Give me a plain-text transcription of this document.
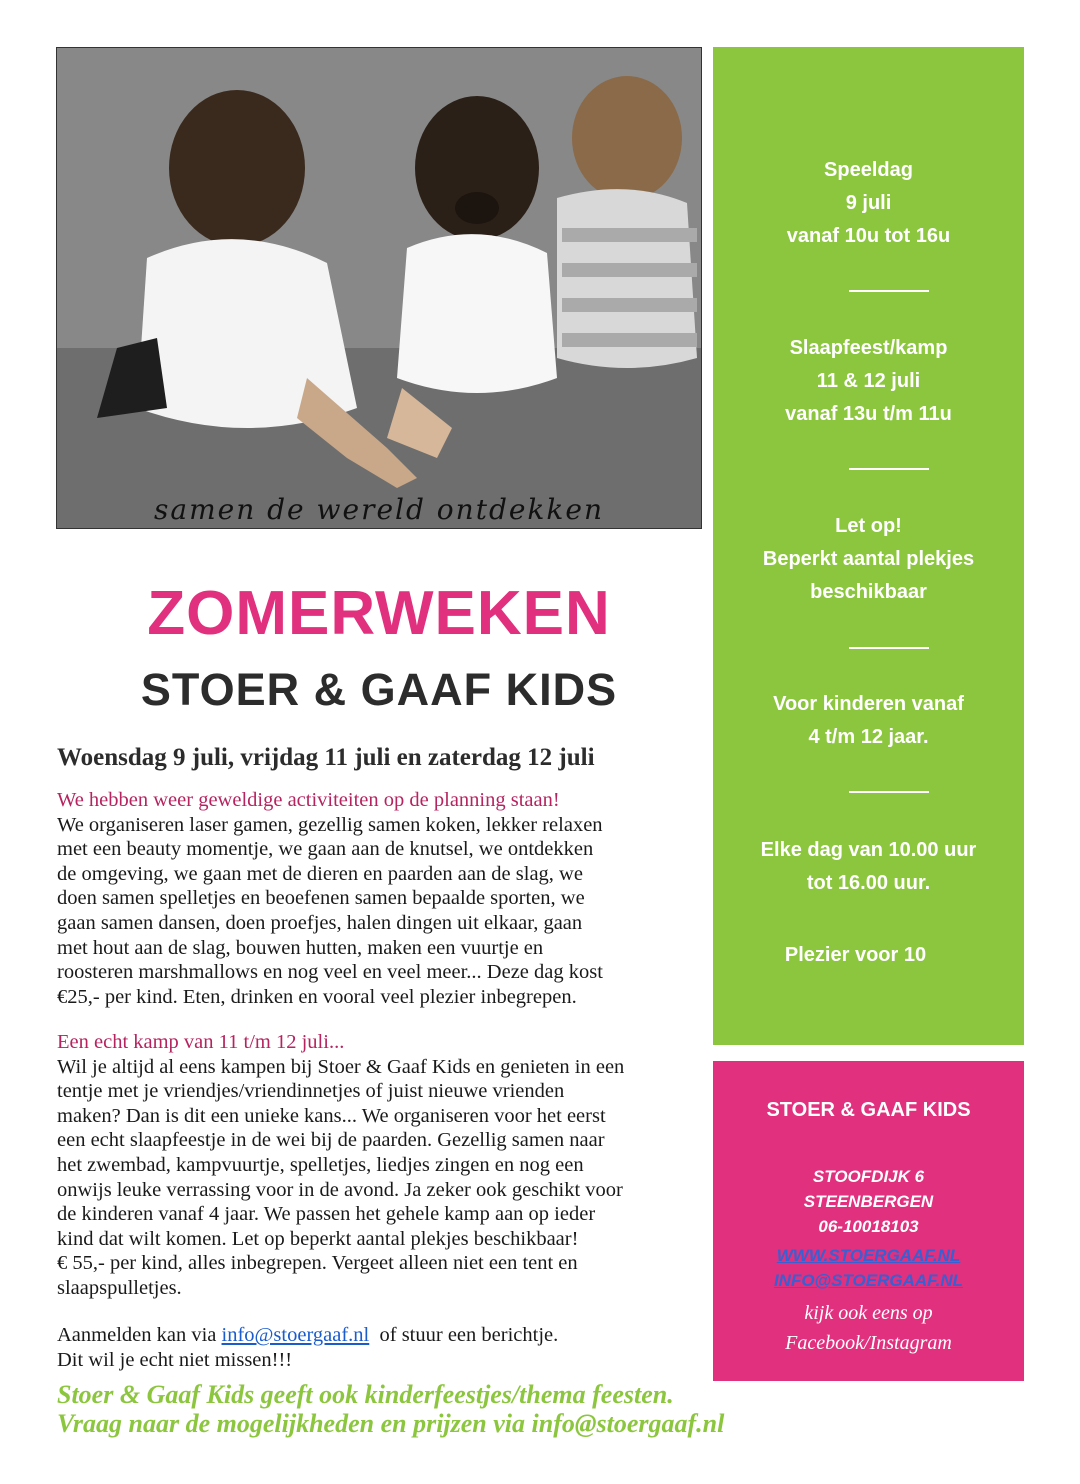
samen de wereld ontdekken
ZOMERWEKEN
STOER & GAAF KIDS
Woensdag 9 juli, vrijdag 11 juli en zaterdag 12 juli
We hebben weer geweldige activiteiten op de planning staan!
We organiseren laser gamen, gezellig samen koken, lekker relaxen
met een beauty momentje, we gaan aan de knutsel, we ontdekken
de omgeving, we gaan met de dieren en paarden aan de slag, we
doen samen spelletjes en beoefenen samen bepaalde sporten, we
gaan samen dansen, doen proefjes, halen dingen uit elkaar, gaan
met hout aan de slag, bouwen hutten, maken een vuurtje en
roosteren marshmallows en nog veel en veel meer... Deze dag kost
€25,- per kind. Eten, drinken en vooral veel plezier inbegrepen.
Een echt kamp van 11 t/m 12 juli...
Wil je altijd al eens kampen bij Stoer & Gaaf Kids en genieten in een
tentje met je vriendjes/vriendinnetjes of juist nieuwe vrienden
maken? Dan is dit een unieke kans... We organiseren voor het eerst
een echt slaapfeestje in de wei bij de paarden. Gezellig samen naar
het zwembad, kampvuurtje, spelletjes, liedjes zingen en nog een
onwijs leuke verrassing voor in de avond. Ja zeker ook geschikt voor
de kinderen vanaf 4 jaar. We passen het gehele kamp aan op ieder
kind dat wilt komen. Let op beperkt aantal plekjes beschikbaar!
€ 55,- per kind, alles inbegrepen. Vergeet alleen niet een tent en
slaapspulletjes.
Aanmelden kan via info@stoergaaf.nl  of stuur een berichtje.
Dit wil je echt niet missen!!!
Speeldag
9 juli
vanaf 10u tot 16u
Slaapfeest/kamp
11 & 12 juli
vanaf 13u t/m 11u
Let op!
Beperkt aantal plekjes
beschikbaar
Voor kinderen vanaf
4 t/m 12 jaar.
Elke dag van 10.00 uur
tot 16.00 uur.
Plezier voor 10
STOER & GAAF KIDS
STOOFDIJK 6
STEENBERGEN
06-10018103
WWW.STOERGAAF.NL
INFO@STOERGAAF.NL
kijk ook eens op
Facebook/Instagram
Stoer & Gaaf Kids geeft ook kinderfeestjes/thema feesten.
Vraag naar de mogelijkheden en prijzen via info@stoergaaf.nl
